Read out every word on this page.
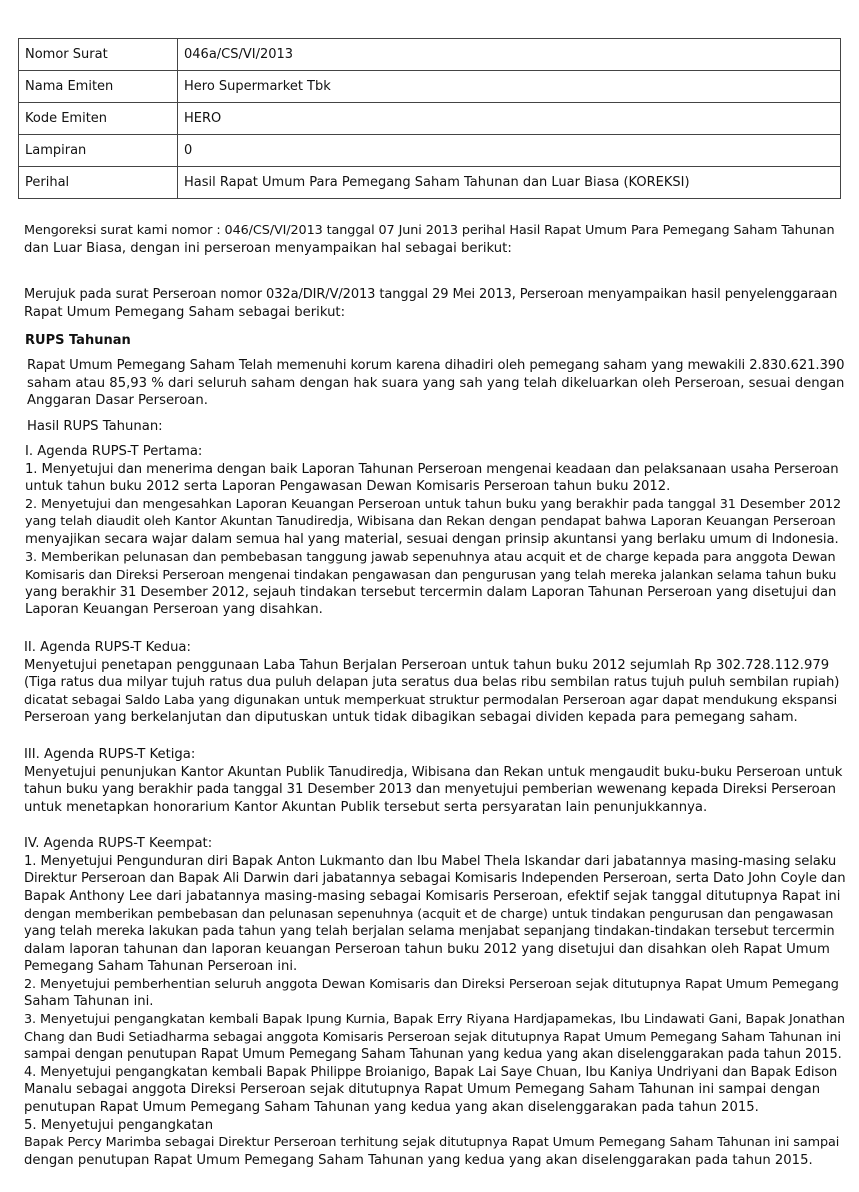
Nomor Surat	046a/CS/VI/2013
Nama Emiten	Hero Supermarket Tbk
Kode Emiten	HERO
Lampiran	0
Perihal	Hasil Rapat Umum Para Pemegang Saham Tahunan dan Luar Biasa (KOREKSI)
Mengoreksi surat kami nomor : 046/CS/VI/2013 tanggal 07 Juni 2013 perihal Hasil Rapat Umum Para Pemegang Saham Tahunan
dan Luar Biasa, dengan ini perseroan menyampaikan hal sebagai berikut:
Merujuk pada surat Perseroan nomor 032a/DIR/V/2013 tanggal 29 Mei 2013, Perseroan menyampaikan hasil penyelenggaraan
Rapat Umum Pemegang Saham sebagai berikut:
RUPS Tahunan
Rapat Umum Pemegang Saham Telah memenuhi korum karena dihadiri oleh pemegang saham yang mewakili 2.830.621.390
saham atau 85,93 % dari seluruh saham dengan hak suara yang sah yang telah dikeluarkan oleh Perseroan, sesuai dengan
Anggaran Dasar Perseroan.
Hasil RUPS Tahunan:
I. Agenda RUPS-T Pertama:
1. Menyetujui dan menerima dengan baik Laporan Tahunan Perseroan mengenai keadaan dan pelaksanaan usaha Perseroan
untuk tahun buku 2012 serta Laporan Pengawasan Dewan Komisaris Perseroan tahun buku 2012.
2. Menyetujui dan mengesahkan Laporan Keuangan Perseroan untuk tahun buku yang berakhir pada tanggal 31 Desember 2012
yang telah diaudit oleh Kantor Akuntan Tanudiredja, Wibisana dan Rekan dengan pendapat bahwa Laporan Keuangan Perseroan
menyajikan secara wajar dalam semua hal yang material, sesuai dengan prinsip akuntansi yang berlaku umum di Indonesia.
3. Memberikan pelunasan dan pembebasan tanggung jawab sepenuhnya atau acquit et de charge kepada para anggota Dewan
Komisaris dan Direksi Perseroan mengenai tindakan pengawasan dan pengurusan yang telah mereka jalankan selama tahun buku
yang berakhir 31 Desember 2012, sejauh tindakan tersebut tercermin dalam Laporan Tahunan Perseroan yang disetujui dan
Laporan Keuangan Perseroan yang disahkan.
II. Agenda RUPS-T Kedua:
Menyetujui penetapan penggunaan Laba Tahun Berjalan Perseroan untuk tahun buku 2012 sejumlah Rp 302.728.112.979
(Tiga ratus dua milyar tujuh ratus dua puluh delapan juta seratus dua belas ribu sembilan ratus tujuh puluh sembilan rupiah)
dicatat sebagai Saldo Laba yang digunakan untuk memperkuat struktur permodalan Perseroan agar dapat mendukung ekspansi
Perseroan yang berkelanjutan dan diputuskan untuk tidak dibagikan sebagai dividen kepada para pemegang saham.
III. Agenda RUPS-T Ketiga:
Menyetujui penunjukan Kantor Akuntan Publik Tanudiredja, Wibisana dan Rekan untuk mengaudit buku-buku Perseroan untuk
tahun buku yang berakhir pada tanggal 31 Desember 2013 dan menyetujui pemberian wewenang kepada Direksi Perseroan
untuk menetapkan honorarium Kantor Akuntan Publik tersebut serta persyaratan lain penunjukkannya.
IV. Agenda RUPS-T Keempat:
1. Menyetujui Pengunduran diri Bapak Anton Lukmanto dan Ibu Mabel Thela Iskandar dari jabatannya masing-masing selaku
Direktur Perseroan dan Bapak Ali Darwin dari jabatannya sebagai Komisaris Independen Perseroan, serta Dato John Coyle dan
Bapak Anthony Lee dari jabatannya masing-masing sebagai Komisaris Perseroan, efektif sejak tanggal ditutupnya Rapat ini
dengan memberikan pembebasan dan pelunasan sepenuhnya (acquit et de charge) untuk tindakan pengurusan dan pengawasan
yang telah mereka lakukan pada tahun yang telah berjalan selama menjabat sepanjang tindakan-tindakan tersebut tercermin
dalam laporan tahunan dan laporan keuangan Perseroan tahun buku 2012 yang disetujui dan disahkan oleh Rapat Umum
Pemegang Saham Tahunan Perseroan ini.
2. Menyetujui pemberhentian seluruh anggota Dewan Komisaris dan Direksi Perseroan sejak ditutupnya Rapat Umum Pemegang
Saham Tahunan ini.
3. Menyetujui pengangkatan kembali Bapak Ipung Kurnia, Bapak Erry Riyana Hardjapamekas, Ibu Lindawati Gani, Bapak Jonathan
Chang dan Budi Setiadharma sebagai anggota Komisaris Perseroan sejak ditutupnya Rapat Umum Pemegang Saham Tahunan ini
sampai dengan penutupan Rapat Umum Pemegang Saham Tahunan yang kedua yang akan diselenggarakan pada tahun 2015.
4. Menyetujui pengangkatan kembali Bapak Philippe Broianigo, Bapak Lai Saye Chuan, Ibu Kaniya Undriyani dan Bapak Edison
Manalu sebagai anggota Direksi Perseroan sejak ditutupnya Rapat Umum Pemegang Saham Tahunan ini sampai dengan
penutupan Rapat Umum Pemegang Saham Tahunan yang kedua yang akan diselenggarakan pada tahun 2015.
5. Menyetujui pengangkatan
Bapak Percy Marimba sebagai Direktur Perseroan terhitung sejak ditutupnya Rapat Umum Pemegang Saham Tahunan ini sampai
dengan penutupan Rapat Umum Pemegang Saham Tahunan yang kedua yang akan diselenggarakan pada tahun 2015.
